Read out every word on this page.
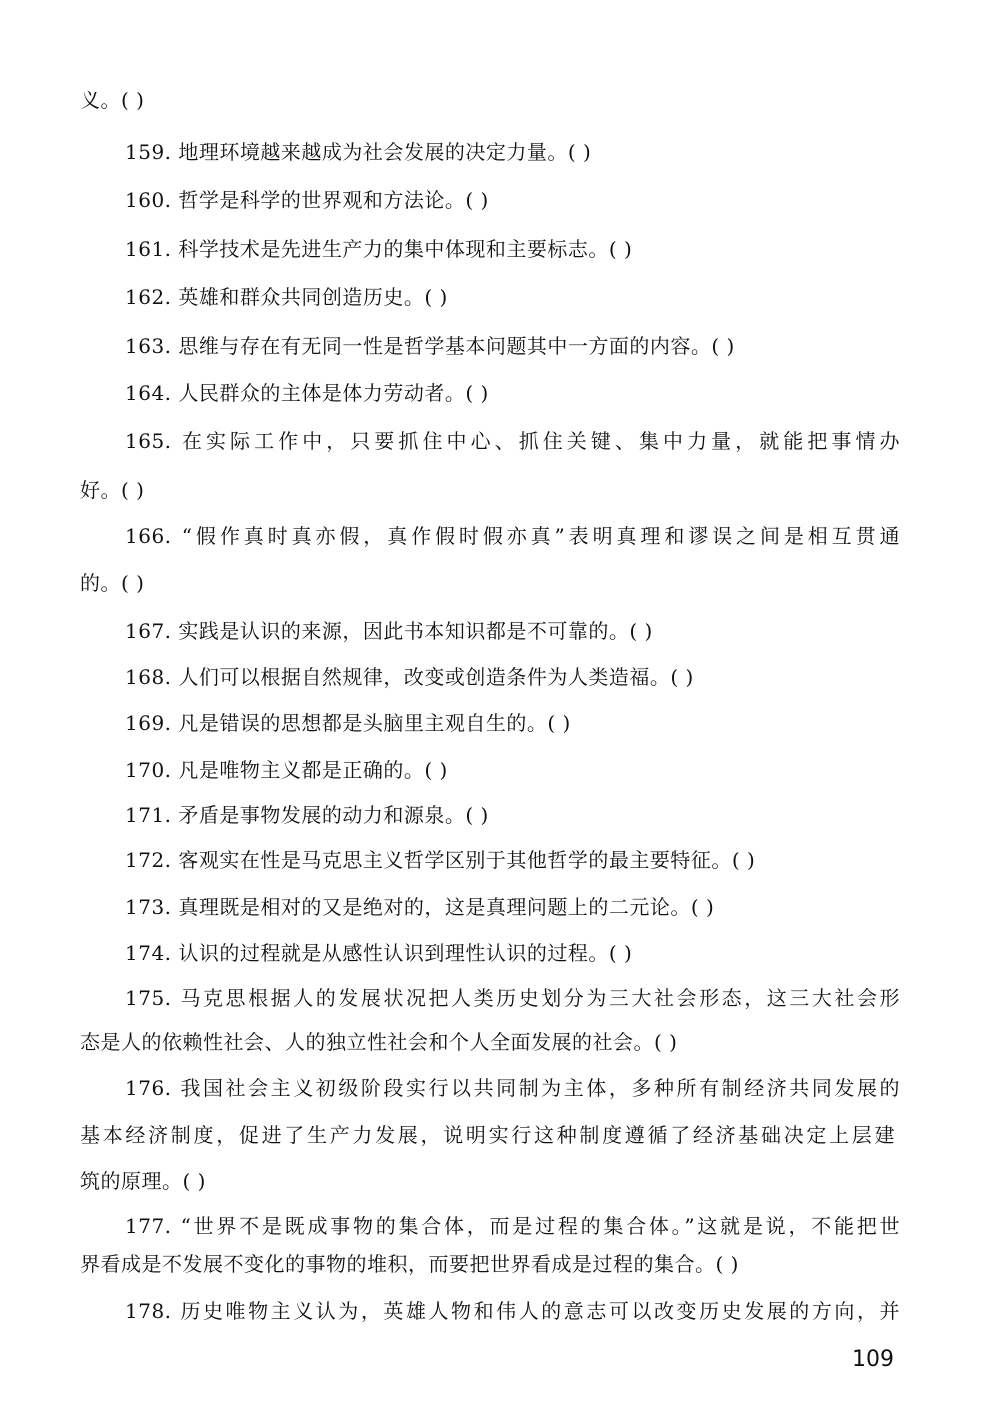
义。( )
159. 地理环境越来越成为社会发展的决定力量。( )
160. 哲学是科学的世界观和方法论。( )
161. 科学技术是先进生产力的集中体现和主要标志。( )
162. 英雄和群众共同创造历史。( )
163. 思维与存在有无同一性是哲学基本问题其中一方面的内容。( )
164. 人民群众的主体是体力劳动者。( )
165. 在实际工作中，只要抓住中心、抓住关键、集中力量，就能把事情办
好。( )
166. “假作真时真亦假，真作假时假亦真”表明真理和谬误之间是相互贯通
的。( )
167. 实践是认识的来源，因此书本知识都是不可靠的。( )
168. 人们可以根据自然规律，改变或创造条件为人类造福。( )
169. 凡是错误的思想都是头脑里主观自生的。( )
170. 凡是唯物主义都是正确的。( )
171. 矛盾是事物发展的动力和源泉。( )
172. 客观实在性是马克思主义哲学区别于其他哲学的最主要特征。( )
173. 真理既是相对的又是绝对的，这是真理问题上的二元论。( )
174. 认识的过程就是从感性认识到理性认识的过程。( )
175. 马克思根据人的发展状况把人类历史划分为三大社会形态，这三大社会形
态是人的依赖性社会、人的独立性社会和个人全面发展的社会。( )
176. 我国社会主义初级阶段实行以共同制为主体，多种所有制经济共同发展的
基本经济制度，促进了生产力发展，说明实行这种制度遵循了经济基础决定上层建
筑的原理。( )
177. “世界不是既成事物的集合体，而是过程的集合体。”这就是说，不能把世
界看成是不发展不变化的事物的堆积，而要把世界看成是过程的集合。( )
178. 历史唯物主义认为，英雄人物和伟人的意志可以改变历史发展的方向，并
109
